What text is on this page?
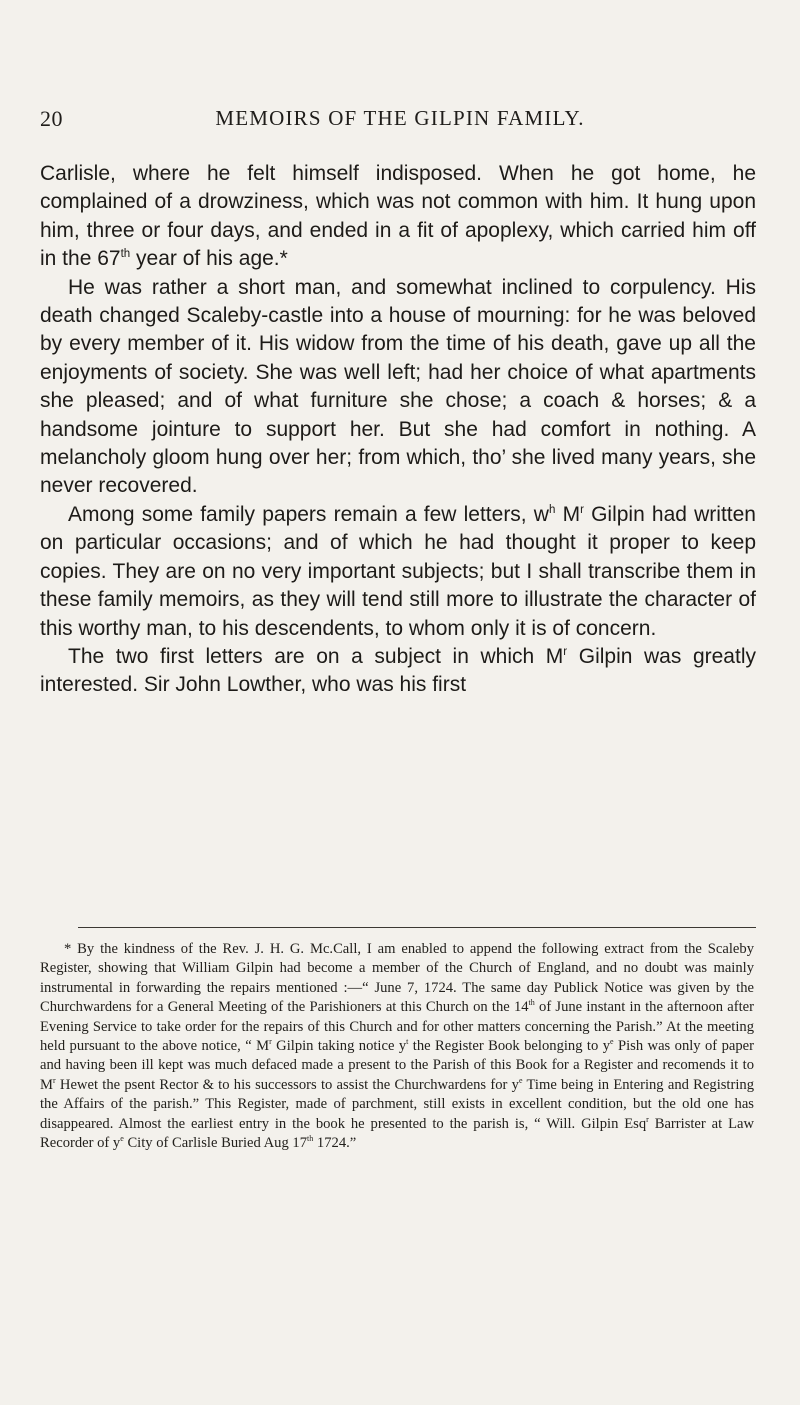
20	MEMOIRS OF THE GILPIN FAMILY.

Carlisle, where he felt himself indisposed. When he got home, he complained of a drowziness, which was not common with him. It hung upon him, three or four days, and ended in a fit of apoplexy, which carried him off in the 67th year of his age.*

He was rather a short man, and somewhat inclined to corpulency. His death changed Scaleby-castle into a house of mourning: for he was beloved by every member of it. His widow from the time of his death, gave up all the enjoyments of society. She was well left; had her choice of what apartments she pleased; and of what furniture she chose; a coach & horses; & a handsome jointure to support her. But she had comfort in nothing. A melancholy gloom hung over her; from which, tho’ she lived many years, she never recovered.

Among some family papers remain a few letters, $w^h$ $M^r$ Gilpin had written on particular occasions; and of which he had thought it proper to keep copies. They are on no very important subjects; but I shall transcribe them in these family memoirs, as they will tend still more to illustrate the character of this worthy man, to his descendents, to whom only it is of concern.

The two first letters are on a subject in which $M^r$ Gilpin was greatly interested. Sir John Lowther, who was his first

* By the kindness of the Rev. J. H. G. Mc.Call, I am enabled to append the following extract from the Scaleby Register, showing that William Gilpin had become a member of the Church of England, and no doubt was mainly instrumental in forwarding the repairs mentioned :—“ June 7, 1724. The same day Publick Notice was given by the Churchwardens for a General Meeting of the Parishioners at this Church on the 14th of June instant in the afternoon after Evening Service to take order for the repairs of this Church and for other matters concerning the Parish.” At the meeting held pursuant to the above notice, “ $M^r$ Gilpin taking notice $y^t$ the Register Book belonging to $y^e$ Pish was only of paper and having been ill kept was much defaced made a present to the Parish of this Book for a Register and recomends it to $M^r$ Hewet the psent Rector & to his successors to assist the Churchwardens for $y^e$ Time being in Entering and Registring the Affairs of the parish.” This Register, made of parchment, still exists in excellent condition, but the old one has disappeared. Almost the earliest entry in the book he presented to the parish is, “ Will. Gilpin Esq$^r$ Barrister at Law Recorder of $y^e$ City of Carlisle Buried Aug 17th 1724.”
